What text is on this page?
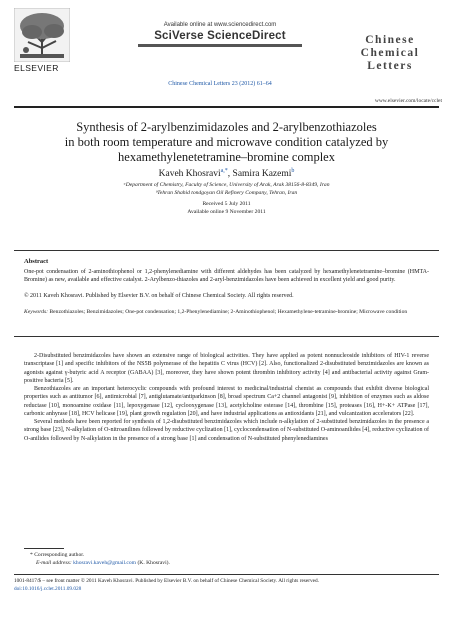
ELSEVIER
Available online at www.sciencedirect.com
SciVerse ScienceDirect
Chinese Chemical Letters 23 (2012) 61–64
Chinese
Chemical
Letters
www.elsevier.com/locate/cclet
Synthesis of 2-arylbenzimidazoles and 2-arylbenzothiazoles
in both room temperature and microwave condition catalyzed by
hexamethylenetetramine–bromine complex
Kaveh Khosravi$^{a,*}$, Samira Kazemi$^b$
ᵃDepartment of Chemistry, Faculty of Science, University of Arak, Arak 38156-8-8349, Iran
ᵇTehran Shahid tondgoyan Oil Refinery Company, Tehran, Iran
Received 5 July 2011
Available online 9 November 2011
Abstract
One-pot condensation of 2-aminothiophenol or 1,2-phenylenediamine with different aldehydes has been catalyzed by hexamethylenetetramine–bromine (HMTA-Bromine) as new, available and effective catalyst. 2-Arylbenzo-thiazoles and 2-aryl-benzimidazoles have been achieved in excellent yield and good purity.
© 2011 Kaveh Khosravi. Published by Elsevier B.V. on behalf of Chinese Chemical Society. All rights reserved.
Keywords: Benzothiazoles; Benzimidazoles; One-pot condensation; 1,2-Phenylenediamine; 2-Aminothiophenol; Hexamethylene-tetramine-bromine; Microwave condition

2-Disubstituted benzimidazoles have shown an extensive range of biological activities. They have applied as potent nonnucleoside inhibitors of HIV-1 reverse transcriptase [1] and specific inhibitors of the NS5B polymerase of the hepatitis C virus (HCV) [2]. Also, functionalized 2-disubstituted benzimidazoles are known as agonists against γ-butyric acid A receptor (GABAA) [3], moreover, they have shown potent thrombin inhibitory activity [4] and antibacterial activity against Gram-positive bacteria [5].

Benzothiazoles are an important heterocyclic compounds with profound interest to medicinal/industrial chemist as compounds that exhibit diverse biological properties such as antitumor [6], antimicrobial [7], antiglutamate/antiparkinson [8], broad spectrum Ca+2 channel antagonist [9], inhibition of enzymes such as aldose reductase [10], monoamine oxidase [11], lepoxygenase [12], cyclooxygenase [13], acetylcholine esterase [14], thrombine [15], proteases [16], H+-K+ ATPase [17], carbonic anhyrase [18], HCV helicase [19], plant growth regulation [20], and have industrial applications as antioxidants [21], and vulcanization accelerators [22].

Several methods have been reported for synthesis of 1,2-disubstituted benzimidazoles which include n-alkylation of 2-substituted benzimidazoles in the presence a strong base [23], N-alkylation of O-nitroanilines followed by reductive cyclization [1], cyclocondensation of N-substituted O-aminoanilides [4], reductive cyclization of O-anilides followed by N-alkylation in the presence of a strong base [1] and condensation of N-substituted phenylenediamines

* Corresponding author.
E-mail address: khosravi.kaveh@gmail.com (K. Khosravi).
1001-8417/$ – see front matter © 2011 Kaveh Khosravi. Published by Elsevier B.V. on behalf of Chinese Chemical Society. All rights reserved.
doi:10.1016/j.cclet.2011.09.028
